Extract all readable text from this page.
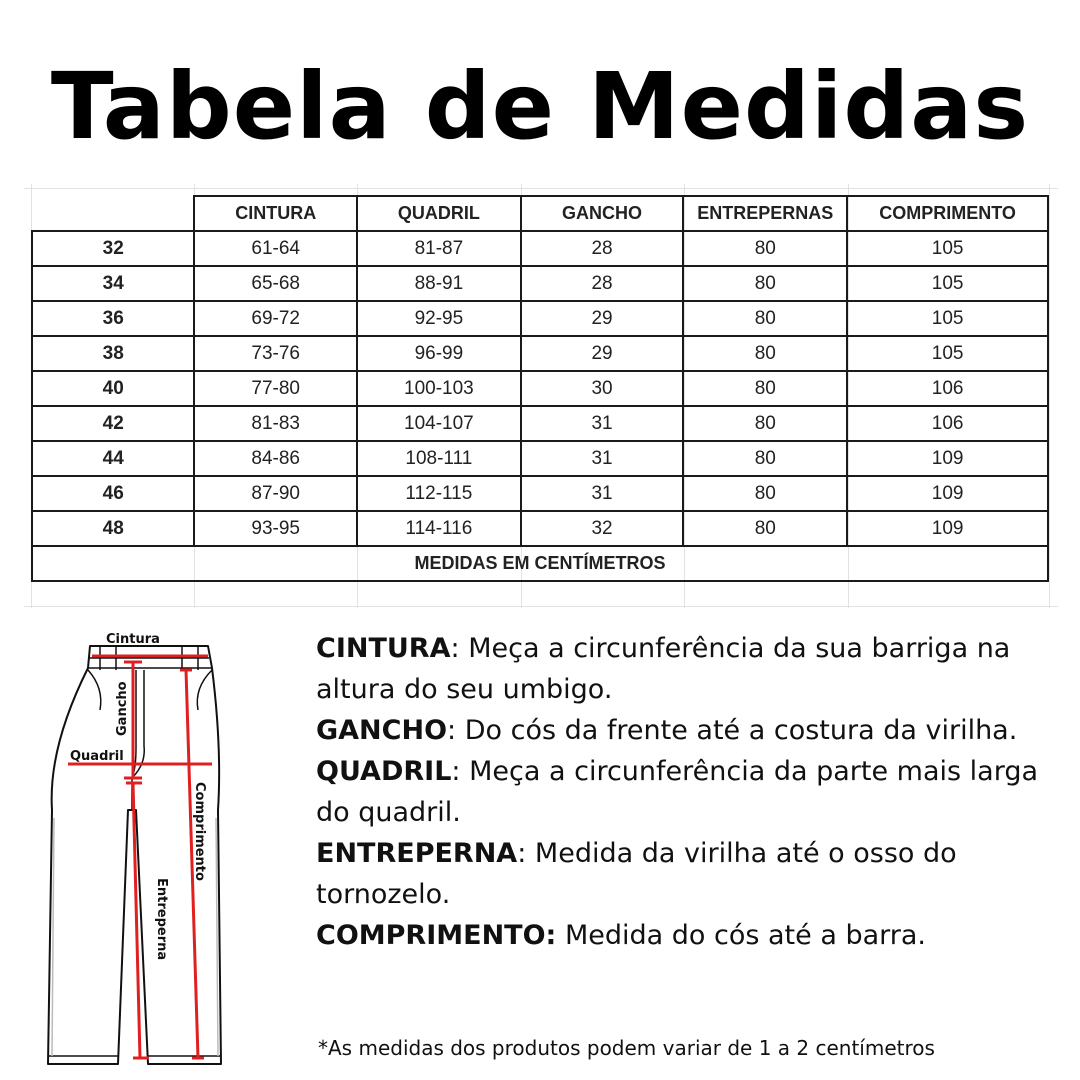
Tabela de Medidas
	CINTURA	QUADRIL	GANCHO	ENTREPERNAS	COMPRIMENTO
32	61-64	81-87	28	80	105
34	65-68	88-91	28	80	105
36	69-72	92-95	29	80	105
38	73-76	96-99	29	80	105
40	77-80	100-103	30	80	106
42	81-83	104-107	31	80	106
44	84-86	108-111	31	80	109
46	87-90	112-115	31	80	109
48	93-95	114-116	32	80	109
MEDIDAS EM CENTÍMETROS					
Cintura
Gancho
Quadril
Comprimento
Entreperna

CINTURA: Meça a circunferência da sua barriga na altura do seu umbigo.

GANCHO: Do cós da frente até a costura da virilha.

QUADRIL: Meça a circunferência da parte mais larga do quadril.

ENTREPERNA: Medida da virilha até o osso do tornozelo.

COMPRIMENTO: Medida do cós até a barra.

*As medidas dos produtos podem variar de 1 a 2 centímetros
